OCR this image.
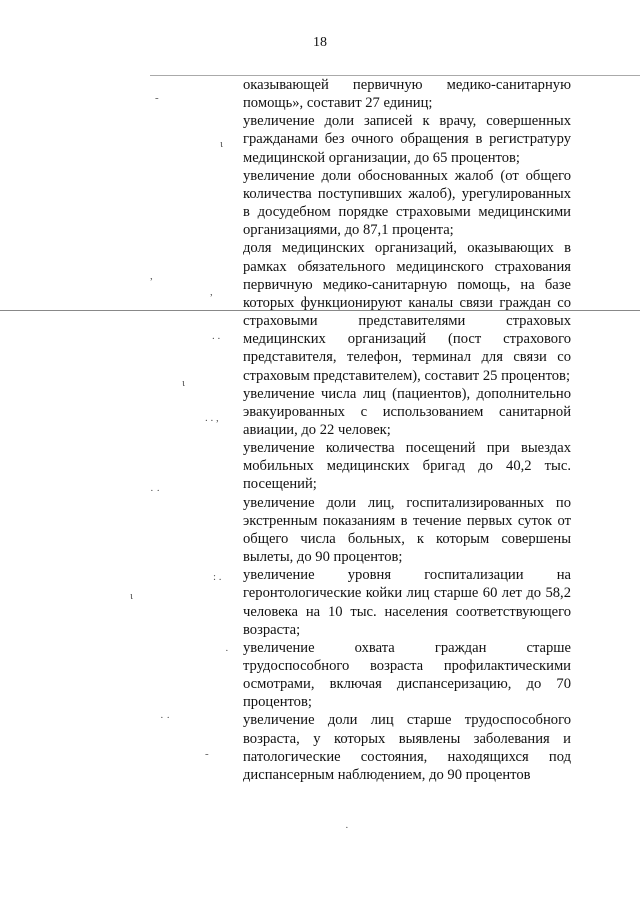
18

оказывающей первичную медико-санитарную помощь», составит 27 единиц;

увеличение доли записей к врачу, совершенных гражданами без очного обращения в регистратуру медицинской организации, до 65 процентов;

увеличение доли обоснованных жалоб (от общего количества поступивших жалоб), урегулированных в досудебном порядке страховыми медицинскими организациями, до 87,1 процента;

доля медицинских организаций, оказывающих в рамках обязательного медицинского страхования первичную медико-санитарную помощь, на базе которых функционируют каналы связи граждан со страховыми представителями страховых медицинских организаций (пост страхового представителя, телефон, терминал для связи со страховым представителем), составит 25 процентов;

увеличение числа лиц (пациентов), дополнительно эвакуированных с использованием санитарной авиации, до 22 человек;

увеличение количества посещений при выездах мобильных медицинских бригад до 40,2 тыс. посещений;

увеличение доли лиц, госпитализированных по экстренным показаниям в течение первых суток от общего числа больных, к которым совершены вылеты, до 90 процентов;

увеличение уровня госпитализации на геронтологические койки лиц старше 60 лет до 58,2 человека на 10 тыс. населения соответствующего возраста;

увеличение охвата граждан старше трудоспособного возраста профилактическими осмотрами, включая диспансеризацию, до 70 процентов;

увеличение доли лиц старше трудоспособного возраста, у которых выявлены заболевания и патологические состояния, находящихся под диспансерным наблюдением, до 90 процентов

-
ι
,
,
. .
ι
. . ,
· ·
: .
ι
·
· ·
-
·
